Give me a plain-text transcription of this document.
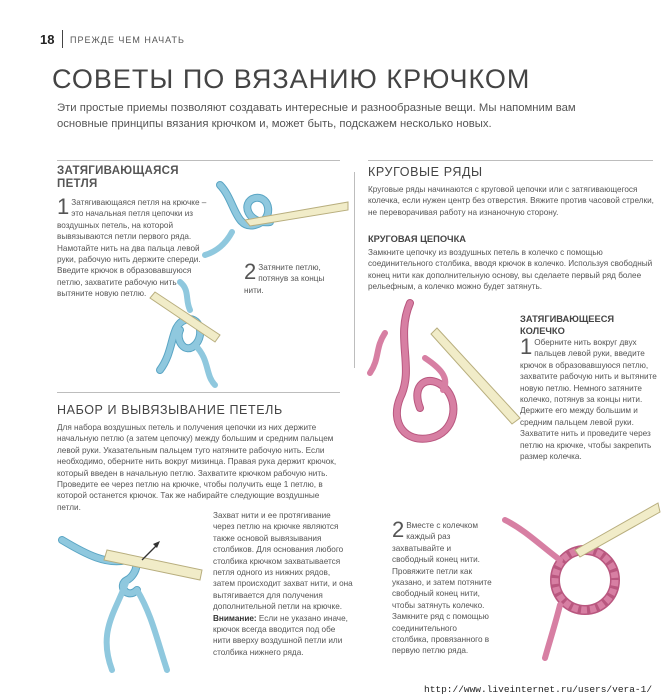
18 ПРЕЖДЕ ЧЕМ НАЧАТЬ
СОВЕТЫ ПО ВЯЗАНИЮ КРЮЧКОМ
Эти простые приемы позволяют создавать интересные и разнообразные вещи. Мы напомним вам основные принципы вязания крючком и, может быть, подскажем несколько новых.
ЗАТЯГИВАЮЩАЯСЯ ПЕТЛЯ
1 Затягивающаяся петля на крючке – это начальная петля цепочки из воздушных петель, на которой вывязываются петли первого ряда. Намотайте нить на два пальца левой руки, рабочую нить держите спереди. Введите крючок в образовавшуюся петлю, захватите рабочую нить и вытяните новую петлю.
2 Затяните петлю, потянув за концы нити.
НАБОР И ВЫВЯЗЫВАНИЕ ПЕТЕЛЬ
Для набора воздушных петель и получения цепочки из них держите начальную петлю (а затем цепочку) между большим и средним пальцем левой руки. Указательным пальцем туго натяните рабочую нить. Если необходимо, оберните нить вокруг мизинца. Правая рука держит крючок, который введен в начальную петлю. Захватите крючком рабочую нить. Проведите ее через петлю на крючке, чтобы получить еще 1 петлю, в которой останется крючок. Так же набирайте следующие воздушные петли.
Захват нити и ее протягивание через петлю на крючке являются также основой вывязывания столбиков. Для основания любого столбика крючком захватывается петля одного из нижних рядов, затем происходит захват нити, и она вытягивается для получения дополнительной петли на крючке. Внимание: Если не указано иначе, крючок всегда вводится под обе нити вверху воздушной петли или столбика нижнего ряда.
КРУГОВЫЕ РЯДЫ
Круговые ряды начинаются с круговой цепочки или с затягивающегося колечка, если нужен центр без отверстия. Вяжите против часовой стрелки, не переворачивая работу на изнаночную сторону.
КРУГОВАЯ ЦЕПОЧКА
Замкните цепочку из воздушных петель в колечко с помощью соединительного столбика, вводя крючок в колечко. Используя свободный конец нити как дополнительную основу, вы сделаете первый ряд более рельефным, а колечко можно будет затянуть.
ЗАТЯГИВАЮЩЕЕСЯ КОЛЕЧКО
1 Оберните нить вокруг двух пальцев левой руки, введите крючок в образовавшуюся петлю, захватите рабочую нить и вытяните новую петлю. Немного затяните колечко, потянув за концы нити. Держите его между большим и средним пальцем левой руки. Захватите нить и проведите через петлю на крючке, чтобы закрепить размер колечка.
2 Вместе с колечком каждый раз захватывайте и свободный конец нити. Провяжите петли как указано, и затем потяните свободный конец нити, чтобы затянуть колечко. Замкните ряд с помощью соединительного столбика, провязанного в первую петлю ряда.
http://www.liveinternet.ru/users/vera-1/
